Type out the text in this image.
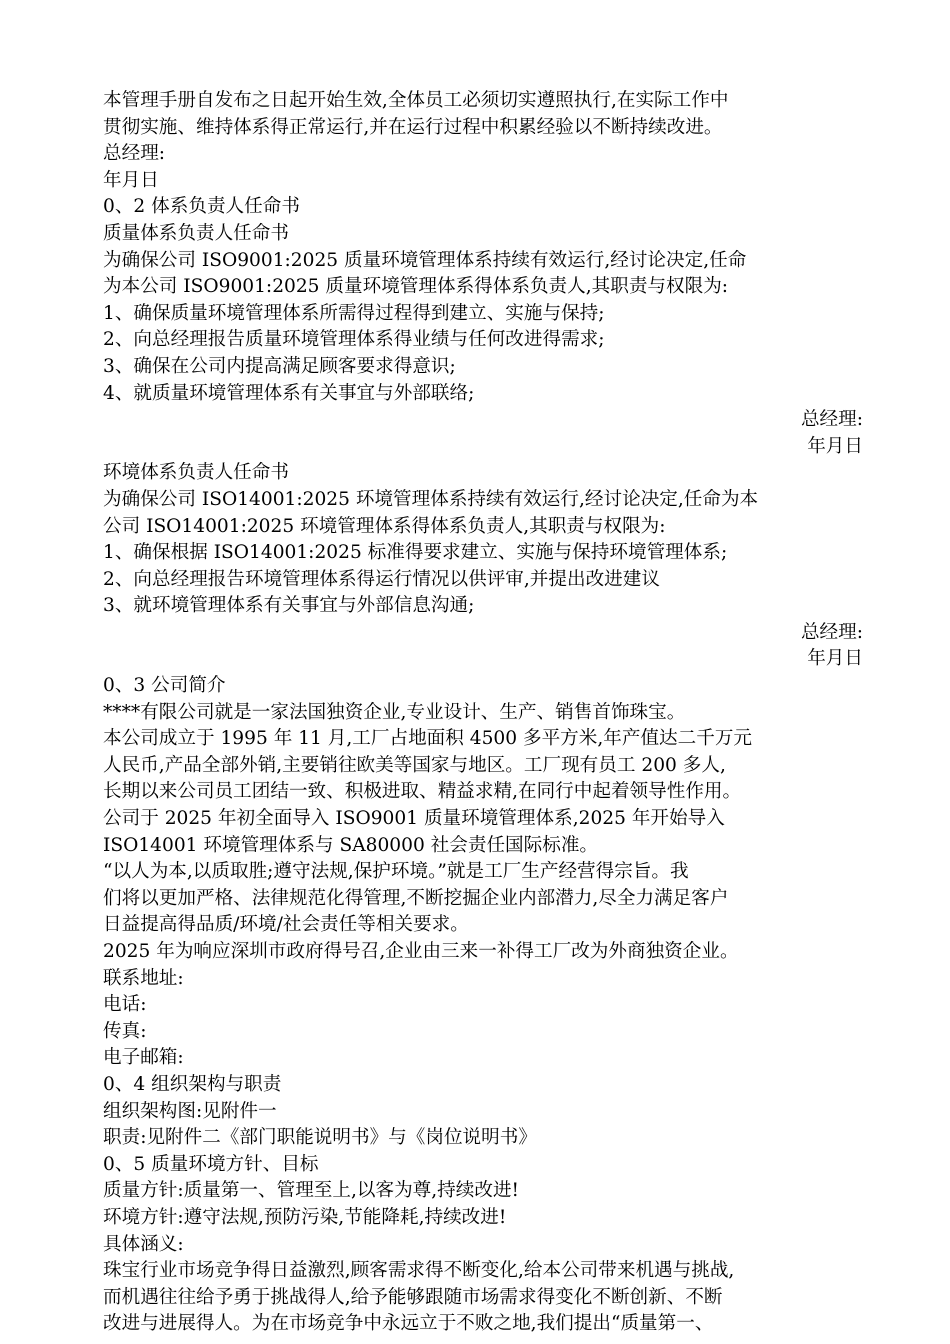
本管理手册自发布之日起开始生效,全体员工必须切实遵照执行,在实际工作中
贯彻实施、维持体系得正常运行,并在运行过程中积累经验以不断持续改进。
总经理:
年月日
0、2 体系负责人任命书
质量体系负责人任命书
为确保公司 ISO9001:2025 质量环境管理体系持续有效运行,经讨论决定,任命
为本公司 ISO9001:2025 质量环境管理体系得体系负责人,其职责与权限为:
1、确保质量环境管理体系所需得过程得到建立、实施与保持;
2、向总经理报告质量环境管理体系得业绩与任何改进得需求;
3、确保在公司内提高满足顾客要求得意识;
4、就质量环境管理体系有关事宜与外部联络;
总经理:
年月日
环境体系负责人任命书
为确保公司 ISO14001:2025 环境管理体系持续有效运行,经讨论决定,任命为本
公司 ISO14001:2025 环境管理体系得体系负责人,其职责与权限为:
1、确保根据 ISO14001:2025 标准得要求建立、实施与保持环境管理体系;
2、向总经理报告环境管理体系得运行情况以供评审,并提出改进建议
3、就环境管理体系有关事宜与外部信息沟通;
总经理:
年月日
0、3 公司简介
****有限公司就是一家法国独资企业,专业设计、生产、销售首饰珠宝。
本公司成立于 1995 年 11 月,工厂占地面积 4500 多平方米,年产值达二千万元
人民币,产品全部外销,主要销往欧美等国家与地区。工厂现有员工 200 多人,
长期以来公司员工团结一致、积极进取、精益求精,在同行中起着领导性作用。
公司于 2025 年初全面导入 ISO9001 质量环境管理体系,2025 年开始导入
ISO14001 环境管理体系与 SA80000 社会责任国际标准。
“以人为本,以质取胜;遵守法规,保护环境。”就是工厂生产经营得宗旨。我
们将以更加严格、法律规范化得管理,不断挖掘企业内部潜力,尽全力满足客户
日益提高得品质/环境/社会责任等相关要求。
2025 年为响应深圳市政府得号召,企业由三来一补得工厂改为外商独资企业。
联系地址:
电话:
传真:
电子邮箱:
0、4 组织架构与职责
组织架构图:见附件一
职责:见附件二《部门职能说明书》与《岗位说明书》
0、5 质量环境方针、目标
质量方针:质量第一、管理至上,以客为尊,持续改进!
环境方针:遵守法规,预防污染,节能降耗,持续改进!
具体涵义:
珠宝行业市场竞争得日益激烈,顾客需求得不断变化,给本公司带来机遇与挑战,
而机遇往往给予勇于挑战得人,给予能够跟随市场需求得变化不断创新、不断
改进与进展得人。为在市场竞争中永远立于不败之地,我们提出“质量第一、
